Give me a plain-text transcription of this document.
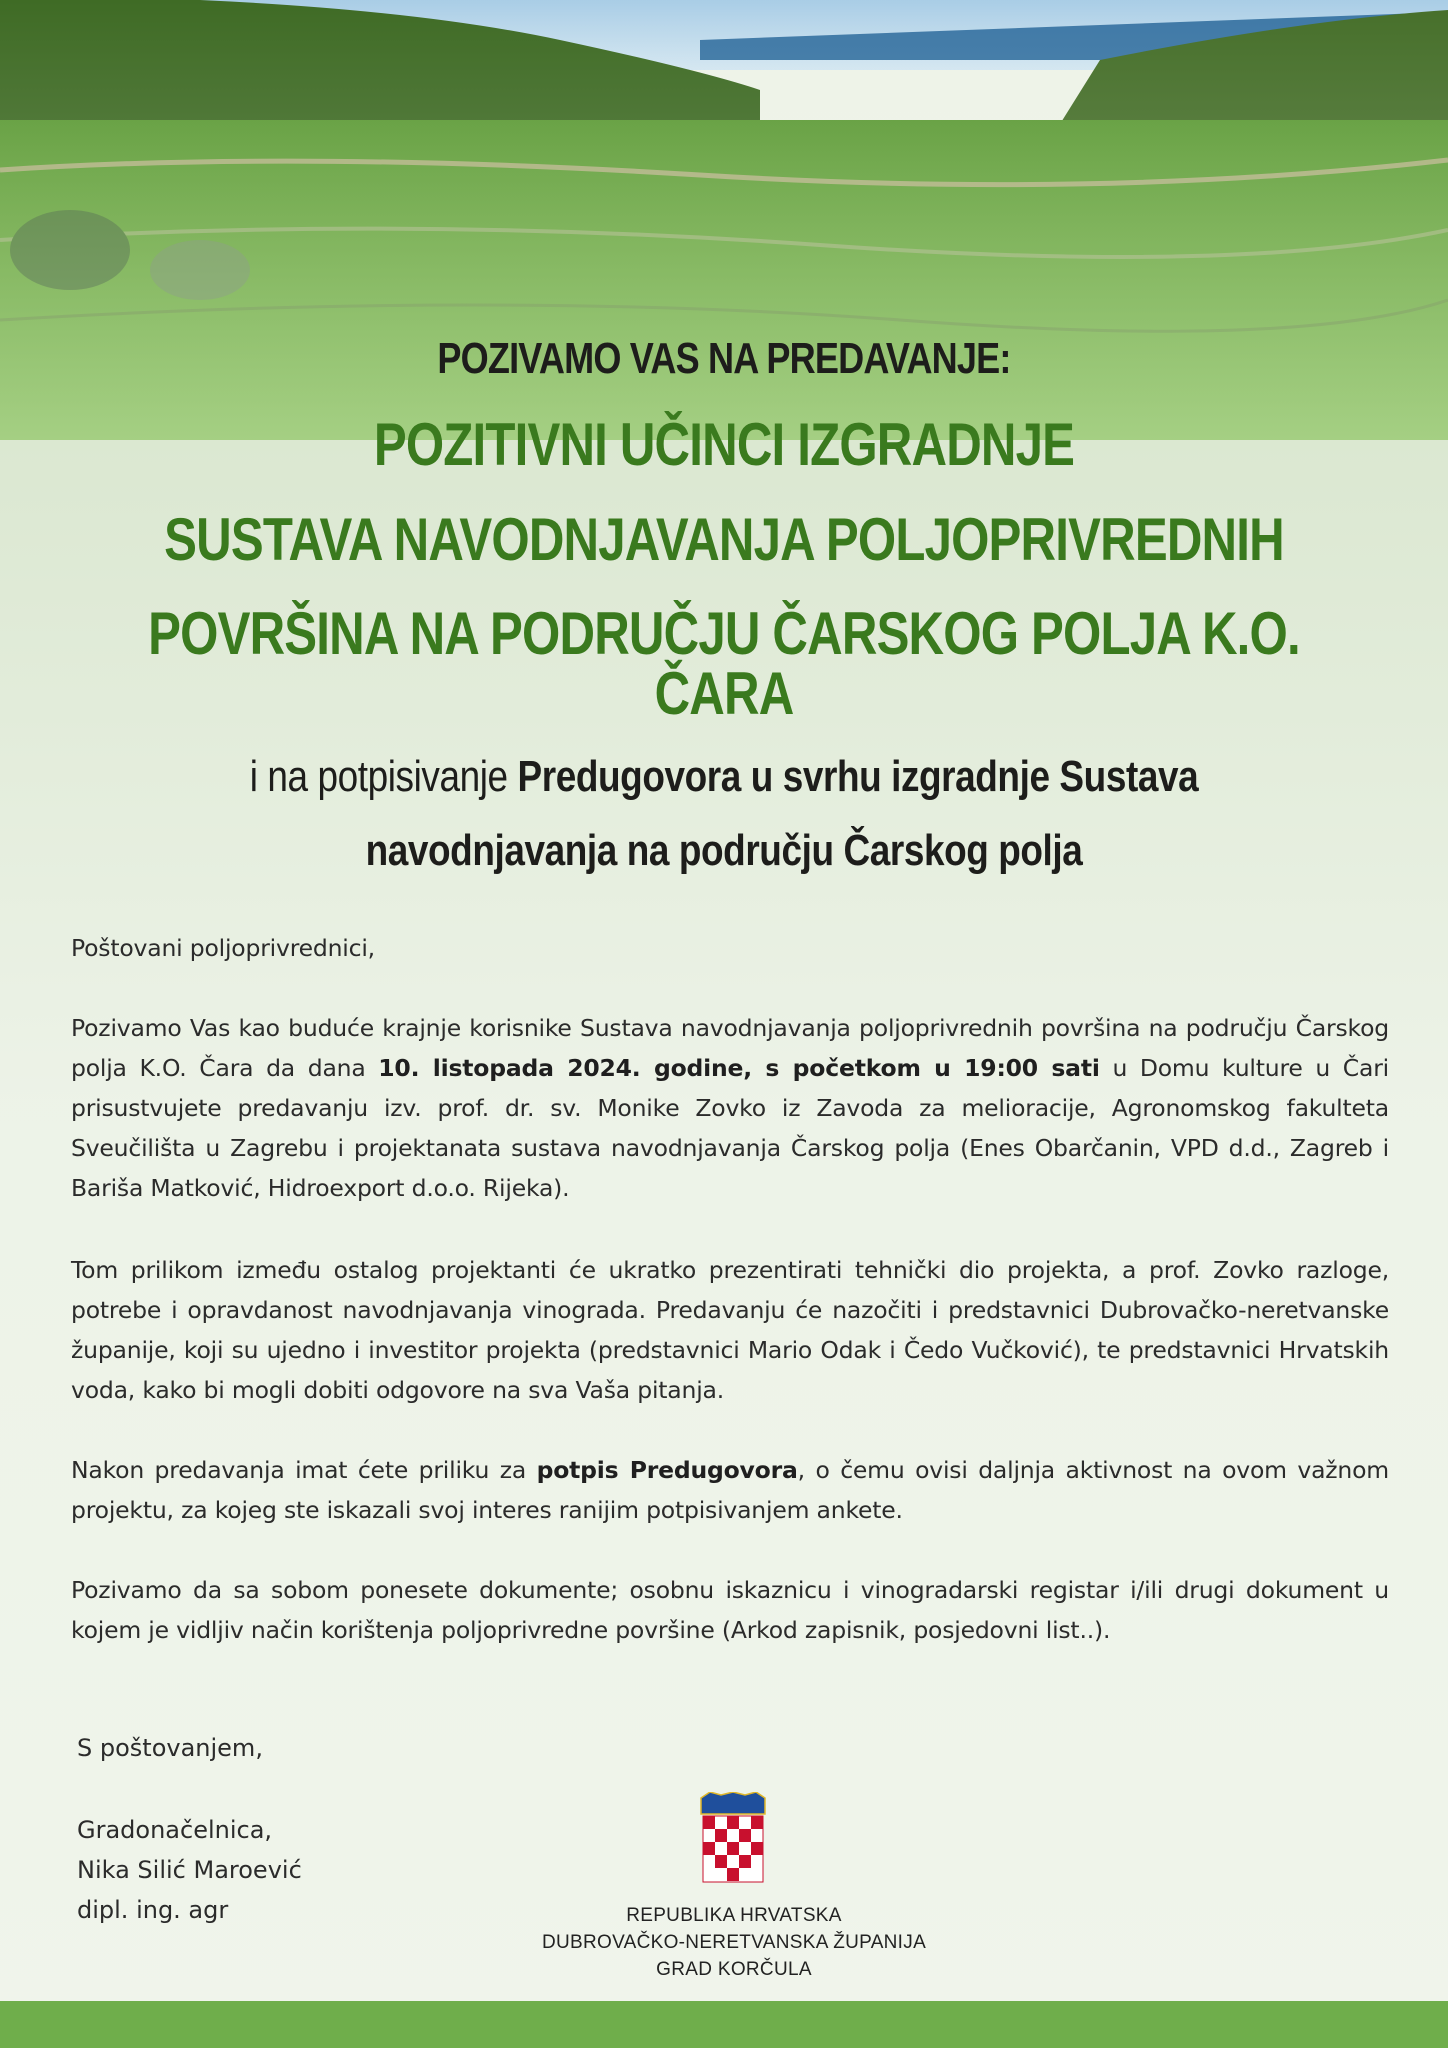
POZIVAMO VAS NA PREDAVANJE:
POZITIVNI UČINCI IZGRADNJE
SUSTAVA NAVODNJAVANJA POLJOPRIVREDNIH
POVRŠINA NA PODRUČJU ČARSKOG POLJA K.O. ČARA
i na potpisivanje Predugovora u svrhu izgradnje Sustava
navodnjavanja na području Čarskog polja
Poštovani poljoprivrednici,
Pozivamo Vas kao buduće krajnje korisnike Sustava navodnjavanja poljoprivrednih površina na području Čarskog polja K.O. Čara da dana 10. listopada 2024. godine, s početkom u 19:00 sati u Domu kulture u Čari prisustvujete predavanju izv. prof. dr. sv. Monike Zovko iz Zavoda za melioracije, Agronomskog fakulteta Sveučilišta u Zagrebu i projektanata sustava navodnjavanja Čarskog polja (Enes Obarčanin, VPD d.d., Zagreb i Bariša Matković, Hidroexport d.o.o. Rijeka).
Tom prilikom između ostalog projektanti će ukratko prezentirati tehnički dio projekta, a prof. Zovko razloge, potrebe i opravdanost navodnjavanja vinograda. Predavanju će nazočiti i predstavnici Dubrovačko-neretvanske županije, koji su ujedno i investitor projekta (predstavnici Mario Odak i Čedo Vučković), te predstavnici Hrvatskih voda, kako bi mogli dobiti odgovore na sva Vaša pitanja.
Nakon predavanja imat ćete priliku za potpis Predugovora, o čemu ovisi daljnja aktivnost na ovom važnom projektu, za kojeg ste iskazali svoj interes ranijim potpisivanjem ankete.
Pozivamo da sa sobom ponesete dokumente; osobnu iskaznicu i vinogradarski registar i/ili drugi dokument u kojem je vidljiv način korištenja poljoprivredne površine (Arkod zapisnik, posjedovni list..).
S poštovanjem,
Gradonačelnica,
Nika Silić Maroević
dipl. ing. agr	REPUBLIKA HRVATSKA
DUBROVAČKO-NERETVANSKA ŽUPANIJA
GRAD KORČULA
